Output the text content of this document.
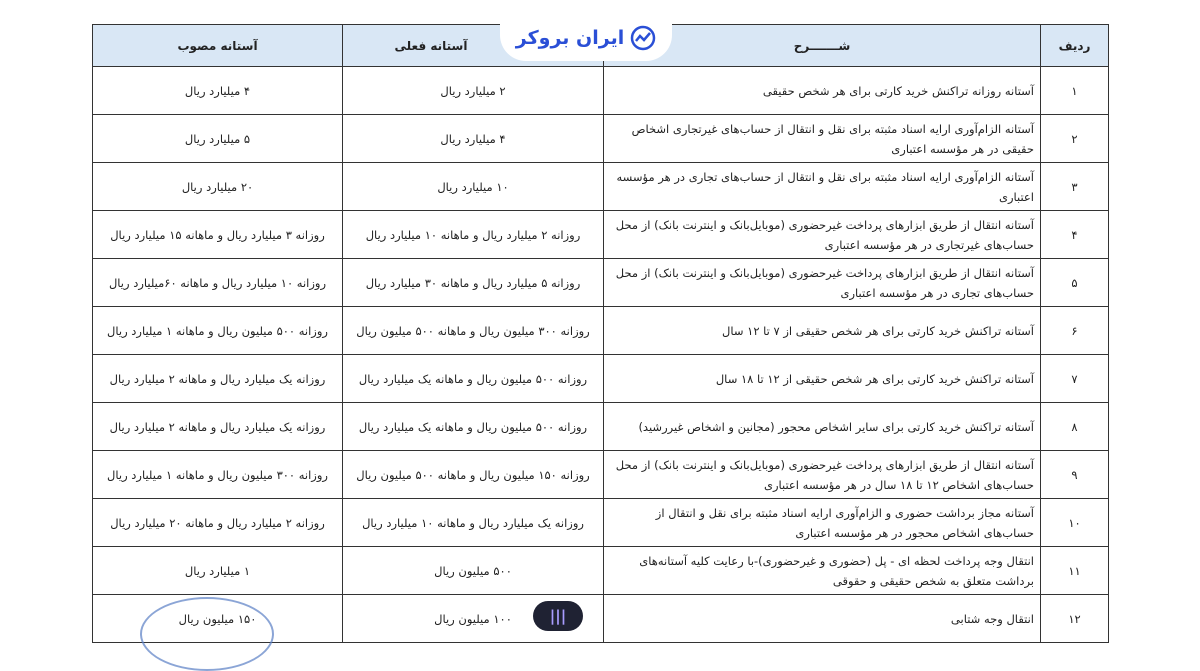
ردیف	شـــــــرح	آستانه فعلی	آستانه مصوب
۱	آستانه روزانه تراکنش خرید کارتی برای هر شخص حقیقی	۲ میلیارد ریال	۴ میلیارد ریال
۲	آستانه الزام‌آوری ارایه اسناد مثبته برای نقل و انتقال از حساب‌های غیرتجاری اشخاص حقیقی در هر مؤسسه اعتباری	۴ میلیارد ریال	۵ میلیارد ریال
۳	آستانه الزام‌آوری ارایه اسناد مثبته برای نقل و انتقال از حساب‌های تجاری در هر مؤسسه اعتباری	۱۰ میلیارد ریال	۲۰ میلیارد ریال
۴	آستانه انتقال از طریق ابزارهای پرداخت غیرحضوری (موبایل‌بانک و اینترنت بانک) از محل حساب‌های غیرتجاری در هر مؤسسه اعتباری	روزانه ۲ میلیارد ریال و ماهانه ۱۰ میلیارد ریال	روزانه ۳ میلیارد ریال و ماهانه ۱۵ میلیارد ریال
۵	آستانه انتقال از طریق ابزارهای پرداخت غیرحضوری (موبایل‌بانک و اینترنت بانک) از محل حساب‌های تجاری در هر مؤسسه اعتباری	روزانه ۵ میلیارد ریال و ماهانه ۳۰ میلیارد ریال	روزانه ۱۰ میلیارد ریال و ماهانه ۶۰میلیارد ریال
۶	آستانه تراکنش خرید کارتی برای هر شخص حقیقی از ۷ تا ۱۲ سال	روزانه ۳۰۰ میلیون ریال و ماهانه ۵۰۰ میلیون ریال	روزانه ۵۰۰ میلیون ریال و ماهانه ۱ میلیارد ریال
۷	آستانه تراکنش خرید کارتی برای هر شخص حقیقی از ۱۲ تا ۱۸ سال	روزانه ۵۰۰ میلیون ریال و ماهانه یک میلیارد ریال	روزانه یک میلیارد ریال و ماهانه ۲ میلیارد ریال
۸	آستانه تراکنش خرید کارتی برای سایر اشخاص محجور (مجانین و اشخاص غیررشید)	روزانه ۵۰۰ میلیون ریال و ماهانه یک میلیارد ریال	روزانه یک میلیارد ریال و ماهانه ۲ میلیارد ریال
۹	آستانه انتقال از طریق ابزارهای پرداخت غیرحضوری (موبایل‌بانک و اینترنت بانک) از محل حساب‌های اشخاص ۱۲ تا ۱۸ سال در هر مؤسسه اعتباری	روزانه ۱۵۰ میلیون ریال و ماهانه ۵۰۰ میلیون ریال	روزانه ۳۰۰ میلیون ریال و ماهانه ۱ میلیارد ریال
۱۰	آستانه مجاز برداشت حضوری و الزام‌آوری ارایه اسناد مثبته برای نقل و انتقال از حساب‌های اشخاص محجور در هر مؤسسه اعتباری	روزانه یک میلیارد ریال و ماهانه ۱۰ میلیارد ریال	روزانه ۲ میلیارد ریال و ماهانه ۲۰ میلیارد ریال
۱۱	انتقال وجه پرداخت لحظه ای - پل (حضوری و غیرحضوری)-با رعایت کلیه آستانه‌های برداشت متعلق به شخص حقیقی و حقوقی	۵۰۰ میلیون ریال	۱ میلیارد ریال
۱۲	انتقال وجه شتابی	۱۰۰ میلیون ریال	۱۵۰ میلیون ریال
ایران بروکر
|||
